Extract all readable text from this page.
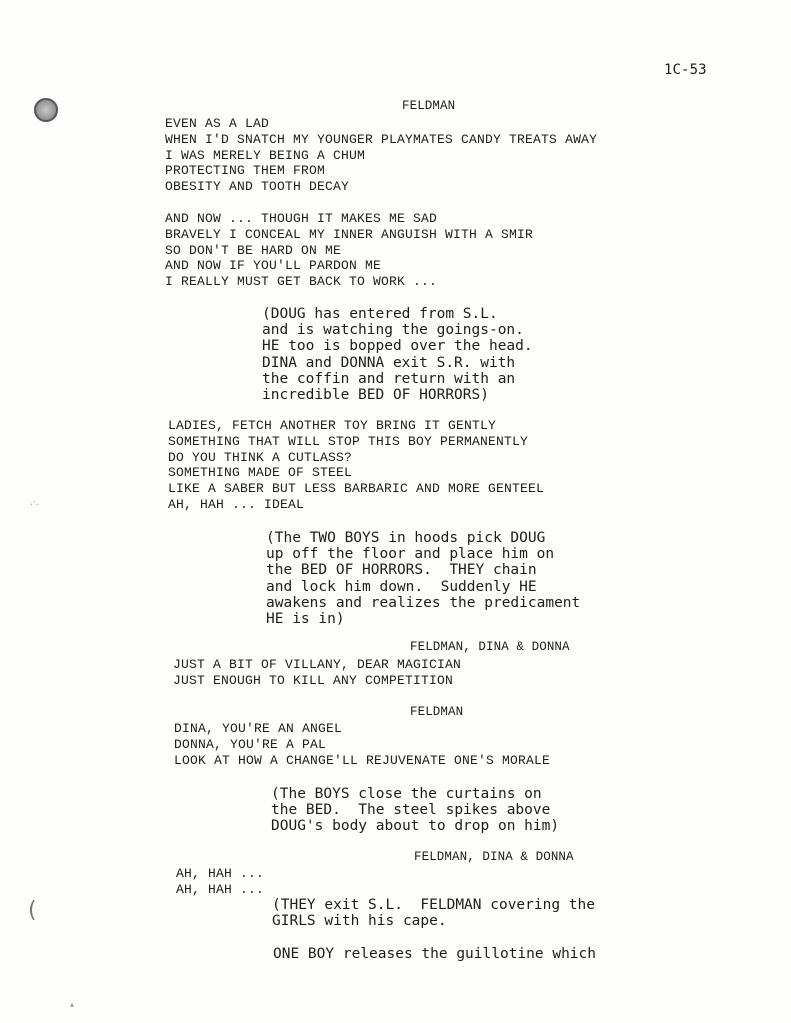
1C-53
·‵·
(
▴
FELDMAN
EVEN AS A LAD
WHEN I'D SNATCH MY YOUNGER PLAYMATES CANDY TREATS AWAY
I WAS MERELY BEING A CHUM
PROTECTING THEM FROM
OBESITY AND TOOTH DECAY
AND NOW ... THOUGH IT MAKES ME SAD
BRAVELY I CONCEAL MY INNER ANGUISH WITH A SMIR
SO DON'T BE HARD ON ME
AND NOW IF YOU'LL PARDON ME
I REALLY MUST GET BACK TO WORK ...
(DOUG has entered from S.L.
and is watching the goings-on.
HE too is bopped over the head.
DINA and DONNA exit S.R. with
the coffin and return with an
incredible BED OF HORRORS)
LADIES, FETCH ANOTHER TOY BRING IT GENTLY
SOMETHING THAT WILL STOP THIS BOY PERMANENTLY
DO YOU THINK A CUTLASS?
SOMETHING MADE OF STEEL
LIKE A SABER BUT LESS BARBARIC AND MORE GENTEEL
AH, HAH ... IDEAL
(The TWO BOYS in hoods pick DOUG
up off the floor and place him on
the BED OF HORRORS.  THEY chain
and lock him down.  Suddenly HE
awakens and realizes the predicament
HE is in)
FELDMAN, DINA & DONNA
JUST A BIT OF VILLANY, DEAR MAGICIAN
JUST ENOUGH TO KILL ANY COMPETITION
FELDMAN
DINA, YOU'RE AN ANGEL
DONNA, YOU'RE A PAL
LOOK AT HOW A CHANGE'LL REJUVENATE ONE'S MORALE
(The BOYS close the curtains on
the BED.  The steel spikes above
DOUG's body about to drop on him)
FELDMAN, DINA & DONNA
AH, HAH ...
AH, HAH ...
(THEY exit S.L.  FELDMAN covering the
GIRLS with his cape.
ONE BOY releases the guillotine which
